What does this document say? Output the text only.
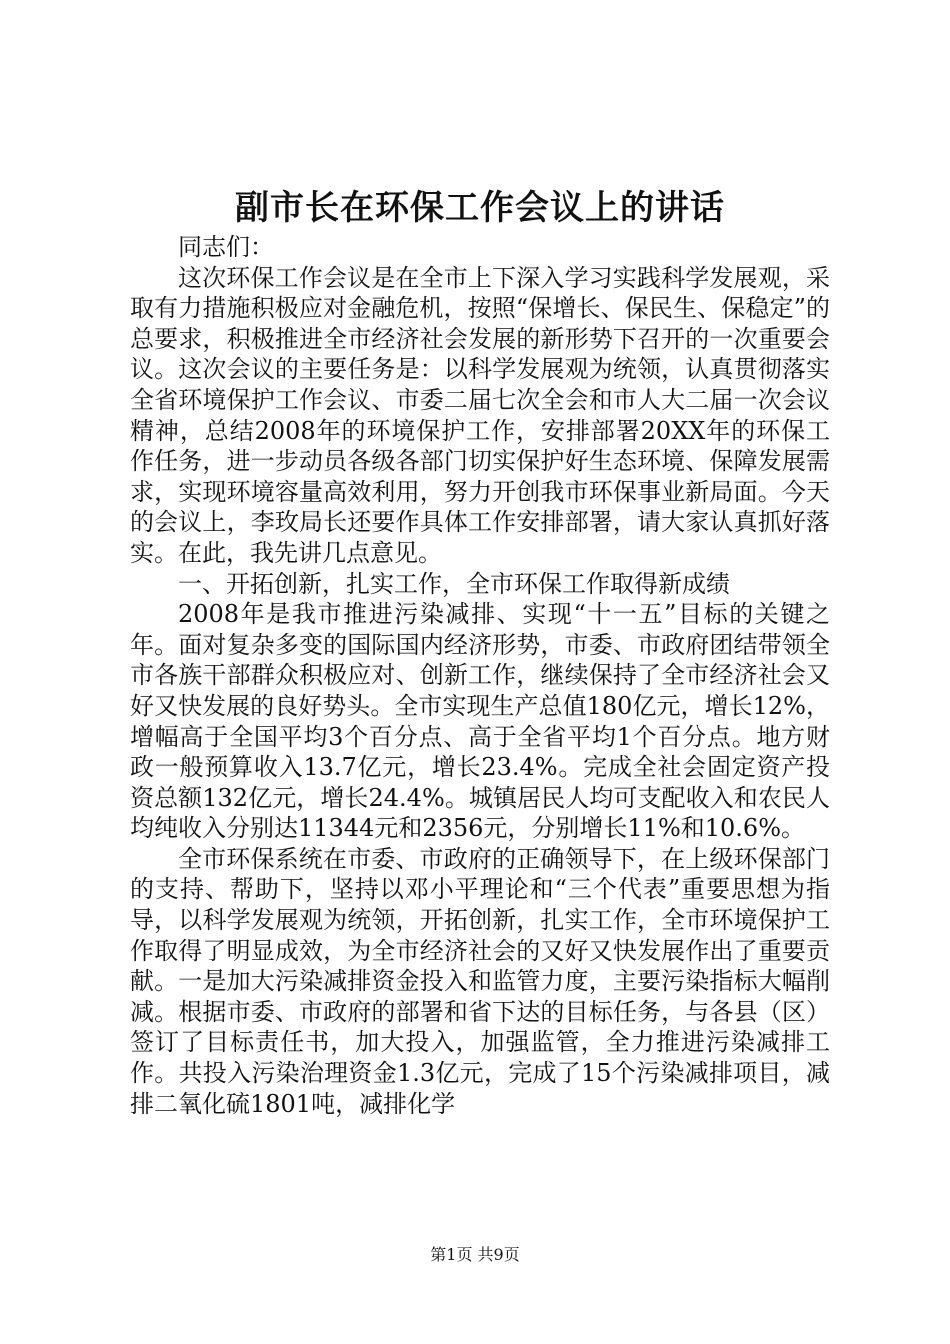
副市长在环保工作会议上的讲话

同志们：

这次环保工作会议是在全市上下深入学习实践科学发展观，采取有力措施积极应对金融危机，按照“保增长、保民生、保稳定”的总要求，积极推进全市经济社会发展的新形势下召开的一次重要会议。这次会议的主要任务是：以科学发展观为统领，认真贯彻落实全省环境保护工作会议、市委二届七次全会和市人大二届一次会议精神，总结2008年的环境保护工作，安排部署20XX年的环保工作任务，进一步动员各级各部门切实保护好生态环境、保障发展需求，实现环境容量高效利用，努力开创我市环保事业新局面。今天的会议上，李玫局长还要作具体工作安排部署，请大家认真抓好落实。在此，我先讲几点意见。

一、开拓创新，扎实工作，全市环保工作取得新成绩

2008年是我市推进污染减排、实现“十一五”目标的关键之年。面对复杂多变的国际国内经济形势，市委、市政府团结带领全市各族干部群众积极应对、创新工作，继续保持了全市经济社会又好又快发展的良好势头。全市实现生产总值180亿元，增长12%，增幅高于全国平均3个百分点、高于全省平均1个百分点。地方财政一般预算收入13.7亿元，增长23.4%。完成全社会固定资产投资总额132亿元，增长24.4%。城镇居民人均可支配收入和农民人均纯收入分别达11344元和2356元，分别增长11%和10.6%。

全市环保系统在市委、市政府的正确领导下，在上级环保部门的支持、帮助下，坚持以邓小平理论和“三个代表”重要思想为指导，以科学发展观为统领，开拓创新，扎实工作，全市环境保护工作取得了明显成效，为全市经济社会的又好又快发展作出了重要贡献。一是加大污染减排资金投入和监管力度，主要污染指标大幅削减。根据市委、市政府的部署和省下达的目标任务，与各县（区）签订了目标责任书，加大投入，加强监管，全力推进污染减排工作。共投入污染治理资金1.3亿元，完成了15个污染减排项目，减排二氧化硫1801吨，减排化学

第1页 共9页
